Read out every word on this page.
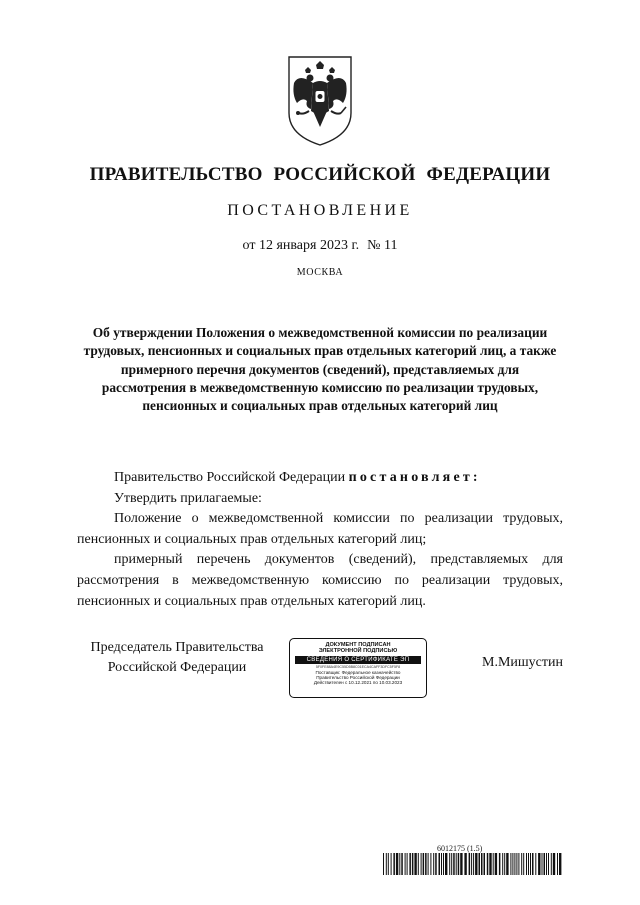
ПРАВИТЕЛЬСТВО РОССИЙСКОЙ ФЕДЕРАЦИИ
ПОСТАНОВЛЕНИЕ
от 12 января 2023 г. № 11
МОСКВА
Об утверждении Положения о межведомственной комиссии по реализации трудовых, пенсионных и социальных прав отдельных категорий лиц, а также примерного перечня документов (сведений), представляемых для рассмотрения в межведомственную комиссию по реализации трудовых, пенсионных и социальных прав отдельных категорий лиц

Правительство Российской Федерации постановляет:

Утвердить прилагаемые:

Положение о межведомственной комиссии по реализации трудовых, пенсионных и социальных прав отдельных категорий лиц;

примерный перечень документов (сведений), представляемых для рассмотрения в межведомственную комиссию по реализации трудовых, пенсионных и социальных прав отдельных категорий лиц.

Председатель Правительства
Российской Федерации
ДОКУМЕНТ ПОДПИСАН
ЭЛЕКТРОННОЙ ПОДПИСЬЮ
СВЕДЕНИЯ О СЕРТИФИКАТЕ ЭП
5F0FE88A4E9C55D5B8C01ECA4CAFF3DFC5F5F8
Поставщик: Федеральное казначейство
Правительство Российской Федерации
Действителен с 10.12.2021 по 10.03.2023
М.Мишустин
6012175 (1.5)
